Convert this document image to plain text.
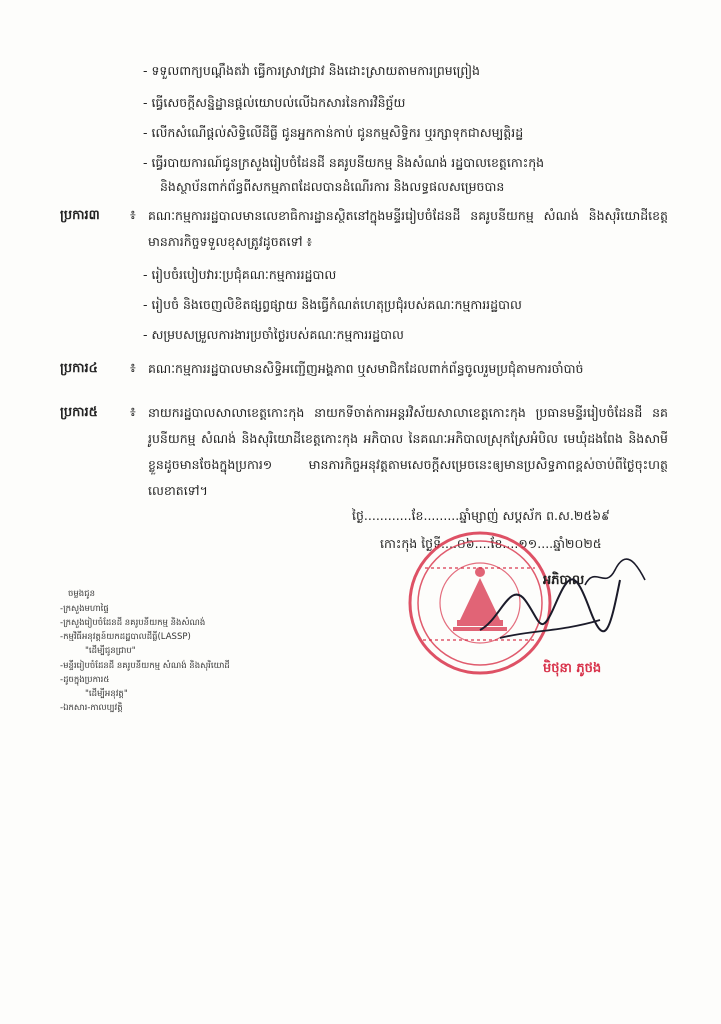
- ទទួលពាក្យបណ្ដឹងតវ៉ា ធ្វើការស្រាវជ្រាវ និងដោះស្រាយតាមការព្រមព្រៀង
- ធ្វើសេចក្ដីសន្និដ្ឋានផ្ដល់យោបល់លើឯកសារនៃការវិនិច្ឆ័យ
- លើកសំណើផ្ដល់សិទ្ធិលើដីធ្លី ជូនអ្នកកាន់កាប់ ជូនកម្មសិទ្ធិករ ឬរក្សាទុកជាសម្បត្តិរដ្ឋ
- ធ្វើរបាយការណ៍ជូនក្រសួងរៀបចំដែនដី នគរូបនីយកម្ម និងសំណង់ រដ្ឋបាលខេត្តកោះកុង
និងស្ថាប័នពាក់ព័ន្ធពីសកម្មភាពដែលបានដំណើរការ និងលទ្ធផលសម្រេចបាន
ប្រការ៣ ៖ គណៈកម្មការរដ្ឋបាលមានលេខាធិការដ្ឋានស្ថិតនៅក្នុងមន្ទីររៀបចំដែនដី នគរូបនីយកម្ម សំណង់ និងសុរិយោដីខេត្ត មានភារកិច្ចទទួលខុសត្រូវដូចតទៅ ៖
- រៀបចំរបៀបវារៈប្រជុំគណៈកម្មការរដ្ឋបាល
- រៀបចំ និងចេញលិខិតផ្សព្វផ្សាយ និងធ្វើកំណត់ហេតុប្រជុំរបស់គណៈកម្មការរដ្ឋបាល
- សម្របសម្រួលការងារប្រចាំថ្ងៃរបស់គណៈកម្មការរដ្ឋបាល
ប្រការ៤ ៖ គណៈកម្មការរដ្ឋបាលមានសិទ្ធិអញ្ជើញអង្គភាព ឬសមាជិកដែលពាក់ព័ន្ធចូលរួមប្រជុំតាមការចាំបាច់
ប្រការ៥ ៖ នាយករដ្ឋបាលសាលាខេត្តកោះកុង នាយកទីចាត់ការអន្តរវិស័យសាលាខេត្តកោះកុង ប្រធានមន្ទីររៀបចំដែនដី នគរូបនីយកម្ម សំណង់ និងសុរិយោដីខេត្តកោះកុង អភិបាល នៃគណៈអភិបាលស្រុកស្រែអំបិល មេឃុំដងពែង និងសាមីខ្លួនដូចមានចែងក្នុងប្រការ១ មានភារកិច្ចអនុវត្តតាមសេចក្ដីសម្រេចនេះឲ្យមានប្រសិទ្ធភាពខ្ពស់ចាប់ពីថ្ងៃចុះហត្ថលេខាតទៅ។
ថ្ងៃ............ខែ.........ឆ្នាំម្សាញ់ សប្ដស័ក ព.ស.២៥៦៩
កោះកុង ថ្ងៃទី....០៦....ខែ....១១....ឆ្នាំ២០២៥
អភិបាល
មិថុនា ភូថង
ចម្លងជូន
-ក្រសួងមហាផ្ទៃ
-ក្រសួងរៀបចំដែនដី នគរូបនីយកម្ម និងសំណង់
-កម្មវិធីអនុវត្តន៍យកដដ្ឋបាលដីធ្លី(LASSP)
"ដើម្បីជូនជ្រាប"
-មន្ទីររៀបចំដែនដី នគរូបនីយកម្ម សំណង់ និងសុរិយោដី
-ដូចក្នុងប្រការ៥
"ដើម្បីអនុវត្ត"
-ឯកសារ-កាលប្បវត្តិ
